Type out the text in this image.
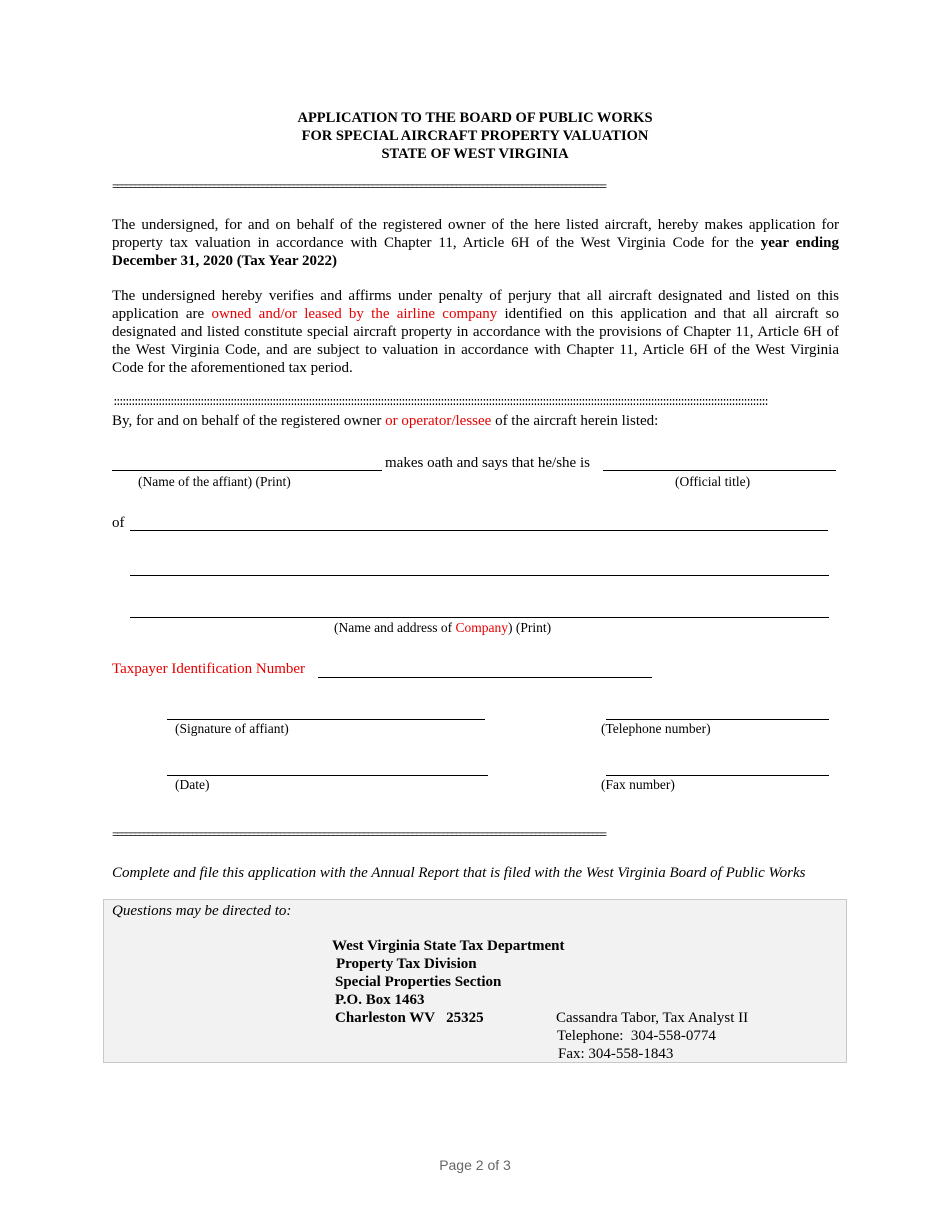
APPLICATION TO THE BOARD OF PUBLIC WORKS
FOR SPECIAL AIRCRAFT PROPERTY VALUATION
STATE OF WEST VIRGINIA
================================================================================================================
The undersigned, for and on behalf of the registered owner of the here listed aircraft, hereby makes application for property tax valuation in accordance with Chapter 11, Article 6H of the West Virginia Code for the year ending December 31, 2020 (Tax Year 2022)
The undersigned hereby verifies and affirms under penalty of perjury that all aircraft designated and listed on this application are owned and/or leased by the airline company identified on this application and that all aircraft so designated and listed constitute special aircraft property in accordance with the provisions of Chapter 11, Article 6H of the West Virginia Code, and are subject to valuation in accordance with Chapter 11, Article 6H of the West Virginia Code for the aforementioned tax period.
::::::::::::::::::::::::::::::::::::::::::::::::::::::::::::::::::::::::::::::::::::::::::::::::::::::::::::::::::::::::::::::::::::::::::::::::::::::::::::::::::::::::::::::::::::::::::::::::::::::::::::::::::::::::::
By, for and on behalf of the registered owner or operator/lessee of the aircraft herein listed:
makes oath and says that he/she is
(Name of the affiant) (Print)	(Official title)
of
(Name and address of Company) (Print)
Taxpayer Identification Number
(Signature of affiant)	(Telephone number)
(Date)	(Fax number)
================================================================================================================
Complete and file this application with the Annual Report that is filed with the West Virginia Board of Public Works
Questions may be directed to:
West Virginia State Tax Department
Property Tax Division
Special Properties Section
P.O. Box 1463
Charleston WV   25325	Cassandra Tabor, Tax Analyst II
Telephone:  304-558-0774
Fax: 304-558-1843
Page 2 of 3
